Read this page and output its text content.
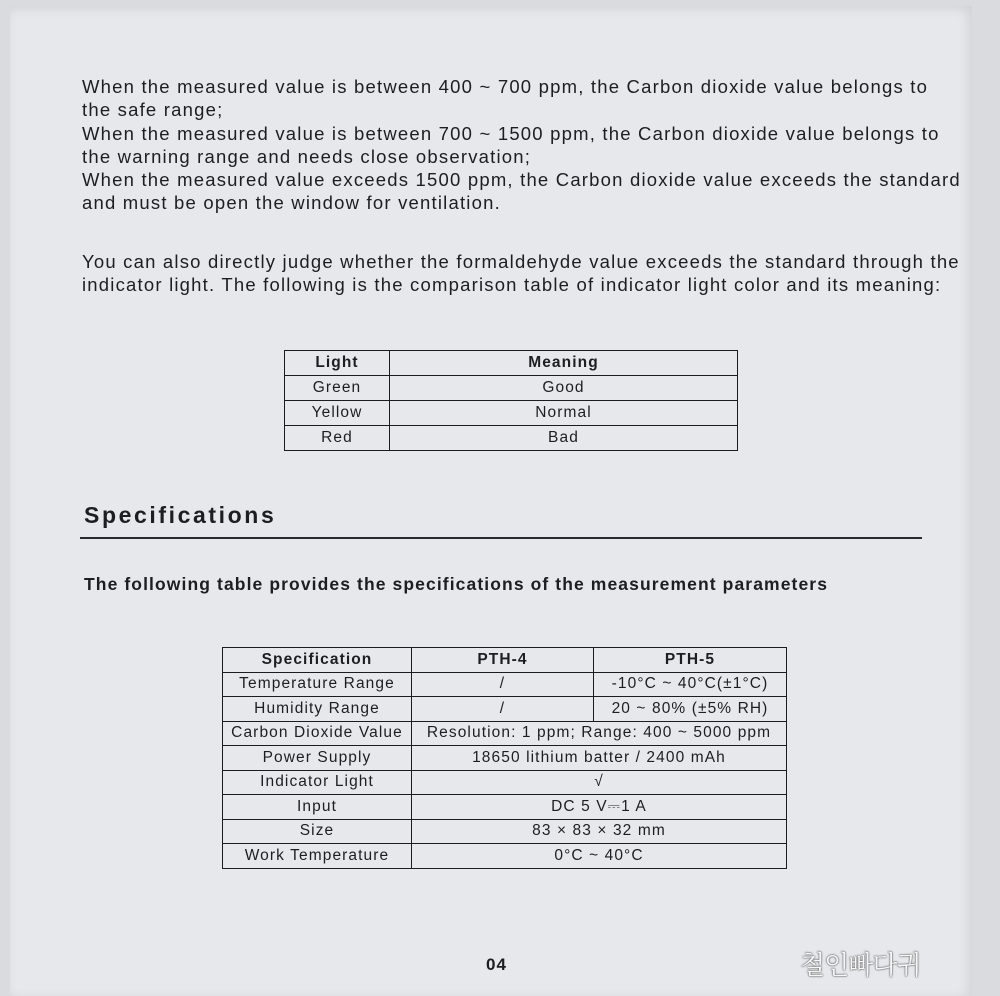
When the measured value is between 400 ~ 700 ppm, the Carbon dioxide value belongs to the safe range;

When the measured value is between 700 ~ 1500 ppm, the Carbon dioxide value belongs to the warning range and needs close observation;

When the measured value exceeds 1500 ppm, the Carbon dioxide value exceeds the standard and must be open the window for ventilation.

You can also directly judge whether the formaldehyde value exceeds the standard through the indicator light. The following is the comparison table of indicator light color and its meaning:

Light	Meaning
Green	Good
Yellow	Normal
Red	Bad
Specifications
The following table provides the specifications of the measurement parameters
Specification	PTH-4	PTH-5
Temperature Range	/	-10°C ~ 40°C(±1°C)
Humidity Range	/	20 ~ 80% (±5% RH)
Carbon Dioxide Value	Resolution: 1 ppm; Range: 400 ~ 5000 ppm	
Power Supply	18650 lithium batter / 2400 mAh	
Indicator Light	√	
Input	DC 5 V⎓1 A	
Size	83 × 83 × 32 mm	
Work Temperature	0°C ~ 40°C	
04	철인빠다귀
